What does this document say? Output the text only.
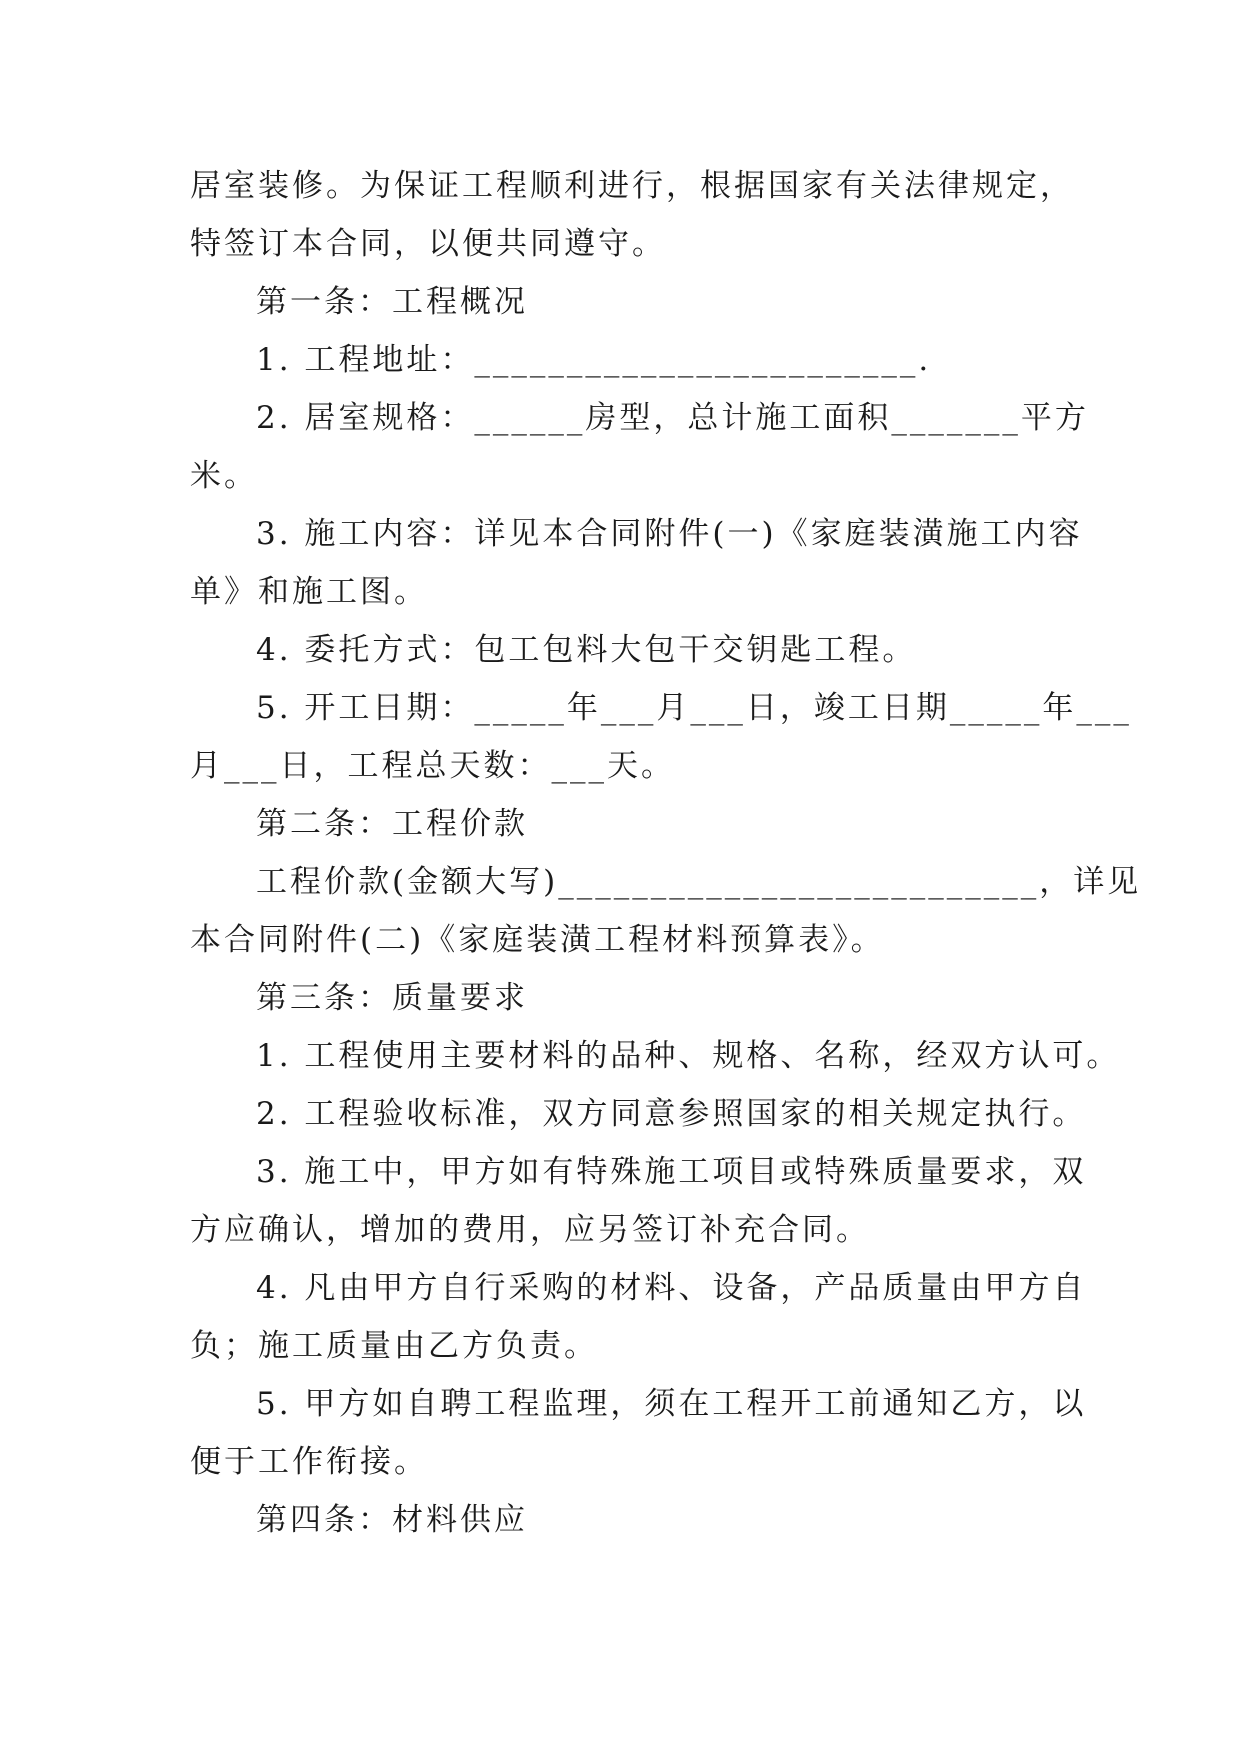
居室装修。为保证工程顺利进行，根据国家有关法律规定，
特签订本合同，以便共同遵守。
第一条：工程概况
1. 工程地址：________________________.
2. 居室规格：______房型，总计施工面积_______平方
米。
3. 施工内容：详见本合同附件(一)《家庭装潢施工内容
单》和施工图。
4. 委托方式：包工包料大包干交钥匙工程。
5. 开工日期：_____年___月___日，竣工日期_____年___
月___日，工程总天数：___天。
第二条：工程价款
工程价款(金额大写)__________________________，详见
本合同附件(二)《家庭装潢工程材料预算表》。
第三条：质量要求
1. 工程使用主要材料的品种、规格、名称，经双方认可。
2. 工程验收标准，双方同意参照国家的相关规定执行。
3. 施工中，甲方如有特殊施工项目或特殊质量要求，双
方应确认，增加的费用，应另签订补充合同。
4. 凡由甲方自行采购的材料、设备，产品质量由甲方自
负；施工质量由乙方负责。
5. 甲方如自聘工程监理，须在工程开工前通知乙方，以
便于工作衔接。
第四条：材料供应
